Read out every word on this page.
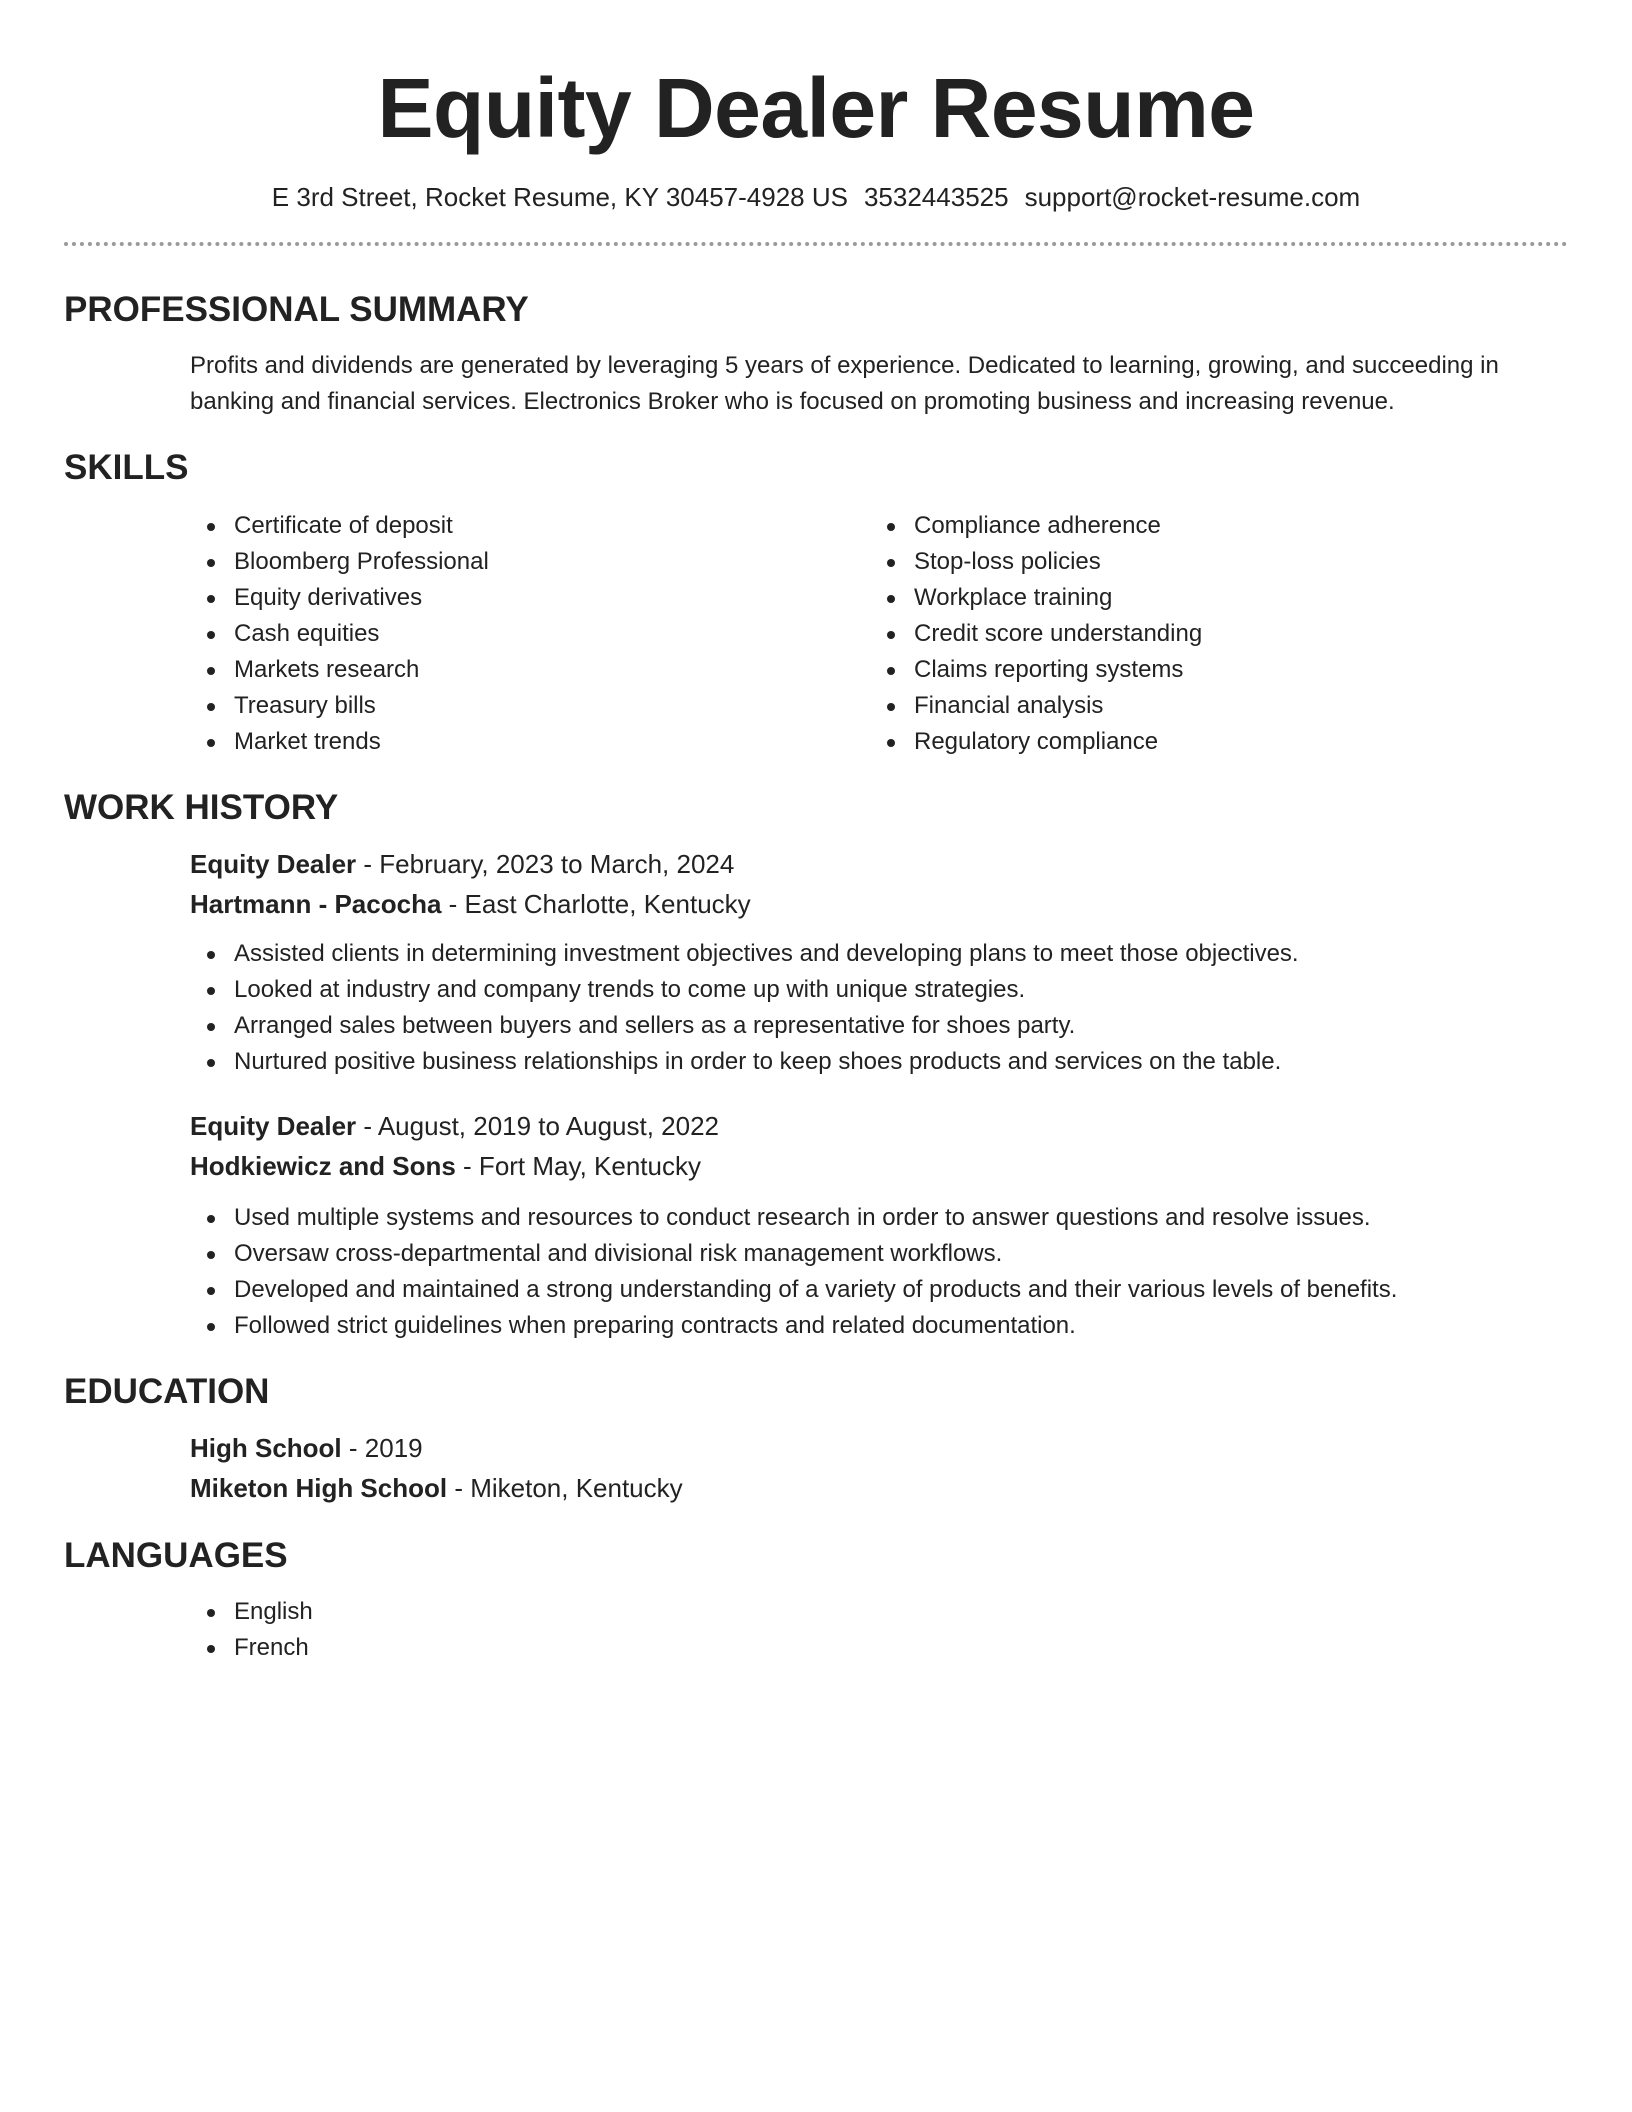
Equity Dealer Resume
E 3rd Street, Rocket Resume, KY 30457-4928 US 3532443525 support@rocket-resume.com
PROFESSIONAL SUMMARY

Profits and dividends are generated by leveraging 5 years of experience. Dedicated to learning, growing, and succeeding in banking and financial services. Electronics Broker who is focused on promoting business and increasing revenue.

SKILLS
Certificate of deposit
Bloomberg Professional
Equity derivatives
Cash equities
Markets research
Treasury bills
Market trends
Compliance adherence
Stop-loss policies
Workplace training
Credit score understanding
Claims reporting systems
Financial analysis
Regulatory compliance
WORK HISTORY
Equity Dealer - February, 2023 to March, 2024
Hartmann - Pacocha - East Charlotte, Kentucky
Assisted clients in determining investment objectives and developing plans to meet those objectives.
Looked at industry and company trends to come up with unique strategies.
Arranged sales between buyers and sellers as a representative for shoes party.
Nurtured positive business relationships in order to keep shoes products and services on the table.
Equity Dealer - August, 2019 to August, 2022
Hodkiewicz and Sons - Fort May, Kentucky
Used multiple systems and resources to conduct research in order to answer questions and resolve issues.
Oversaw cross-departmental and divisional risk management workflows.
Developed and maintained a strong understanding of a variety of products and their various levels of benefits.
Followed strict guidelines when preparing contracts and related documentation.
EDUCATION
High School - 2019
Miketon High School - Miketon, Kentucky
LANGUAGES
English
French
